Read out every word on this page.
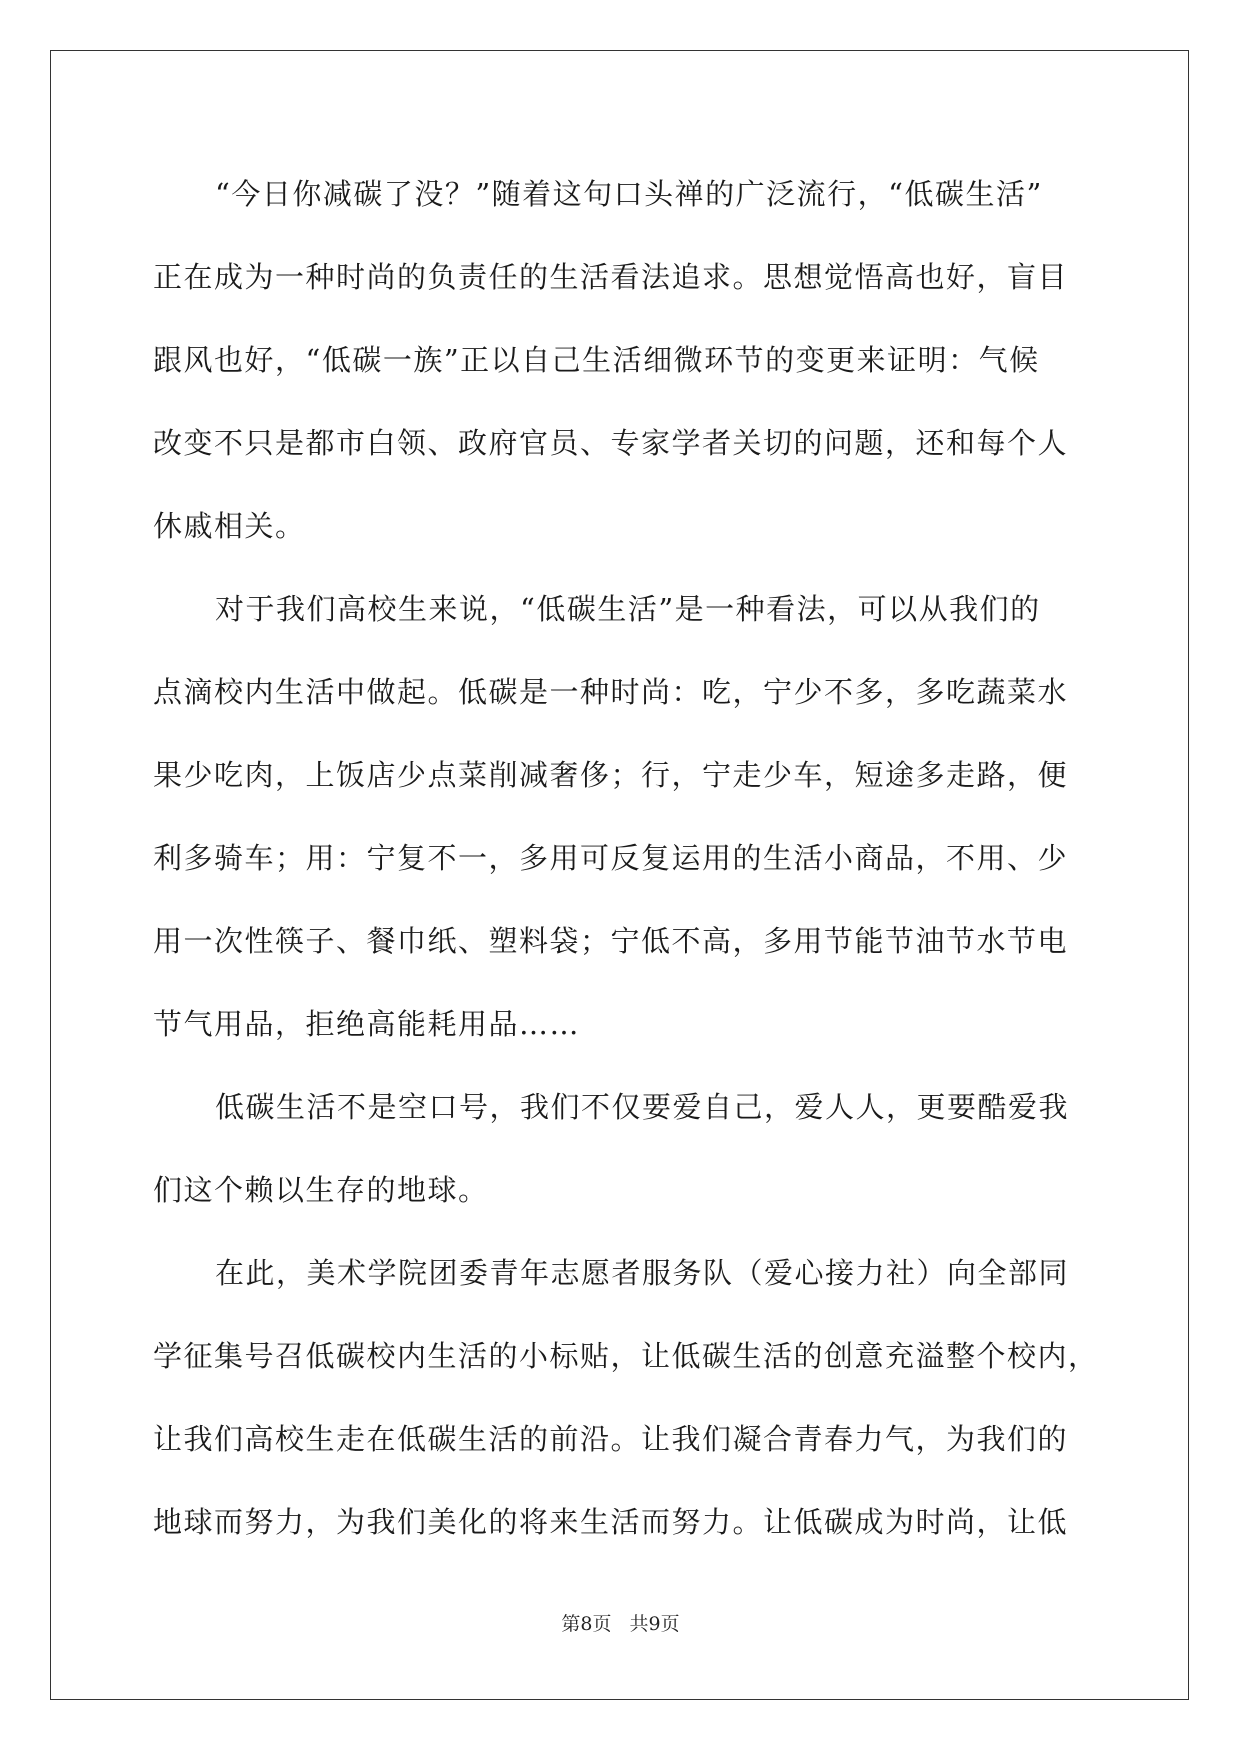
“今日你减碳了没？”随着这句口头禅的广泛流行，“低碳生活”
正在成为一种时尚的负责任的生活看法追求。思想觉悟高也好，盲目
跟风也好，“低碳一族”正以自己生活细微环节的变更来证明：气候
改变不只是都市白领、政府官员、专家学者关切的问题，还和每个人
休戚相关。
对于我们高校生来说，“低碳生活”是一种看法，可以从我们的
点滴校内生活中做起。低碳是一种时尚：吃，宁少不多，多吃蔬菜水
果少吃肉，上饭店少点菜削减奢侈；行，宁走少车，短途多走路，便
利多骑车；用：宁复不一，多用可反复运用的生活小商品，不用、少
用一次性筷子、餐巾纸、塑料袋；宁低不高，多用节能节油节水节电
节气用品，拒绝高能耗用品……
低碳生活不是空口号，我们不仅要爱自己，爱人人，更要酷爱我
们这个赖以生存的地球。
在此，美术学院团委青年志愿者服务队（爱心接力社）向全部同
学征集号召低碳校内生活的小标贴，让低碳生活的创意充溢整个校内，
让我们高校生走在低碳生活的前沿。让我们凝合青春力气，为我们的
地球而努力，为我们美化的将来生活而努力。让低碳成为时尚，让低
第8页 共9页
